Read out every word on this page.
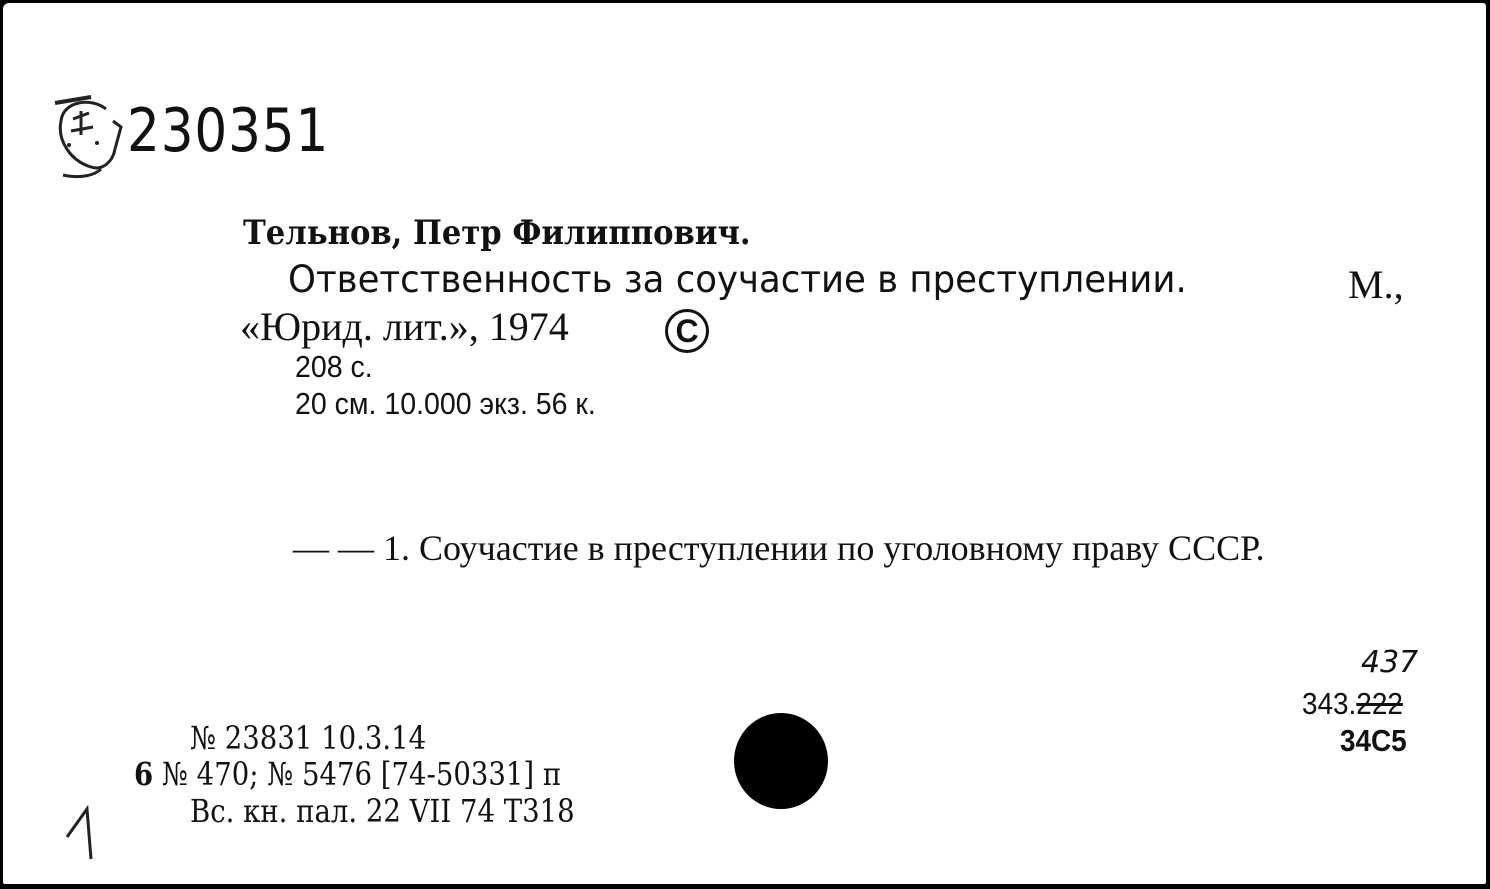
230351
Тельнов, Петр Филиппович.
Ответственность за соучастие в преступлении.	М.,
«Юрид. лит.», 1974	C
208 с.
20 см. 10.000 экз. 56 к.
— — 1. Соучастие в преступлении по уголовному праву СССР.
437
343.222
34С5
№ 23831 10.3.14
6 № 470; № 5476 [74-50331] п
Вс. кн. пал. 22 VII 74 Т318
